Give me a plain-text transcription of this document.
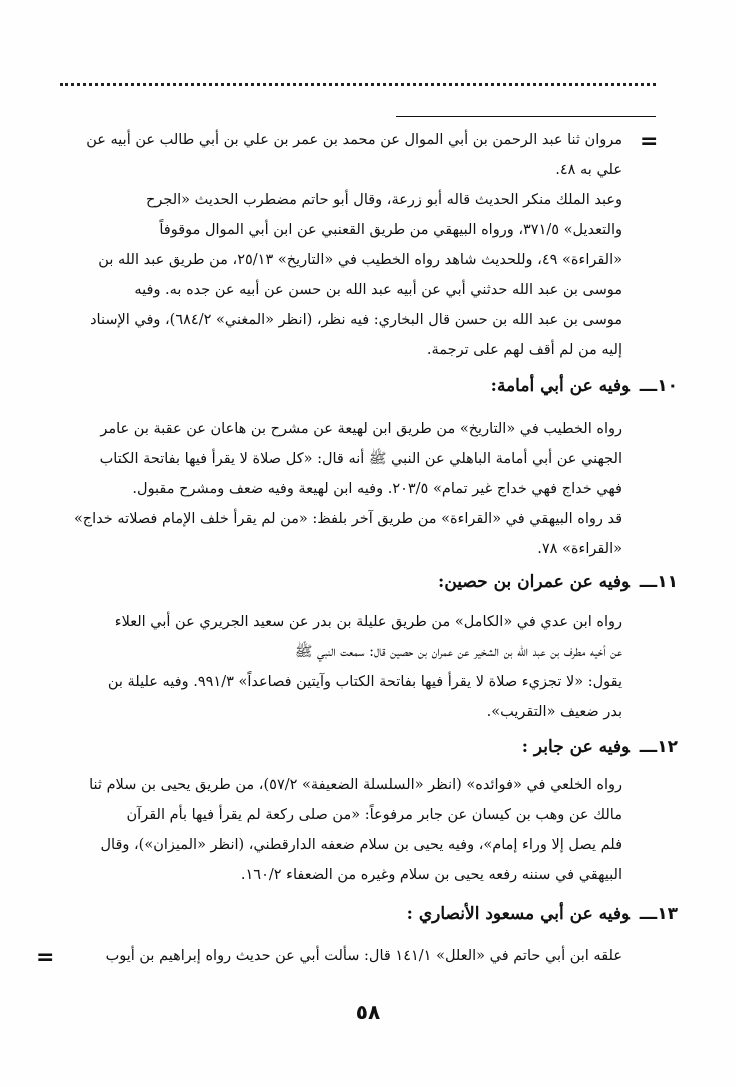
=
مروان ثنا عبد الرحمن بن أبي الموال عن محمد بن عمر بن علي بن أبي طالب عن أبيه عن
علي به ٤٨.
وعبد الملك منكر الحديث قاله أبو زرعة، وقال أبو حاتم مضطرب الحديث «الجرح
والتعديل» ٣٧١/٥، ورواه البيهقي من طريق القعنبي عن ابن أبي الموال موقوفاً
«القراءة» ٤٩، وللحديث شاهد رواه الخطيب في «التاريخ» ٢٥/١٣، من طريق عبد الله بن
موسى بن عبد الله حدثني أبي عن أبيه عبد الله بن حسن عن أبيه عن جده به. وفيه
موسى بن عبد الله بن حسن قال البخاري: فيه نظر، (انظر «المغني» ٦٨٤/٢)، وفي الإسناد
إليه من لم أقف لهم على ترجمة.
١٠ـــوفيه عن أبي أمامة:
رواه الخطيب في «التاريخ» من طريق ابن لهيعة عن مشرح بن هاعان عن عقبة بن عامر
الجهني عن أبي أمامة الباهلي عن النبي ﷺ أنه قال: «كل صلاة لا يقرأ فيها بفاتحة الكتاب
فهي خداج فهي خداج غير تمام» ٢٠٣/٥. وفيه ابن لهيعة وفيه ضعف ومشرح مقبول.
قد رواه البيهقي في «القراءة» من طريق آخر بلفظ: «من لم يقرأ خلف الإمام فصلاته خداج»
«القراءة» ٧٨.
١١ـــوفيه عن عمران بن حصين:
رواه ابن عدي في «الكامل» من طريق عليلة بن بدر عن سعيد الجريري عن أبي العلاء
عن أخيه مطرف بن عبد الله بن الشخير عن عمران بن حصين قال: سمعت النبي ﷺ
يقول: «لا تجزيء صلاة لا يقرأ فيها بفاتحة الكتاب وآيتين فصاعداً» ٩٩١/٣. وفيه عليلة بن
بدر ضعيف «التقريب».
١٢ـــوفيه عن جابر :
رواه الخلعي في «فوائده» (انظر «السلسلة الضعيفة» ٥٧/٢)، من طريق يحيى بن سلام ثنا
مالك عن وهب بن كيسان عن جابر مرفوعاً: «من صلى ركعة لم يقرأ فيها بأم القرآن
فلم يصل إلا وراء إمام»، وفيه يحيى بن سلام ضعفه الدارقطني، (انظر «الميزان»)، وقال
البيهقي في سننه رفعه يحيى بن سلام وغيره من الضعفاء ١٦٠/٢.
١٣ـــوفيه عن أبي مسعود الأنصاري :
علقه ابن أبي حاتم في «العلل» ١٤١/١ قال: سألت أبي عن حديث رواه إبراهيم بن أيوب
=
٥٨
